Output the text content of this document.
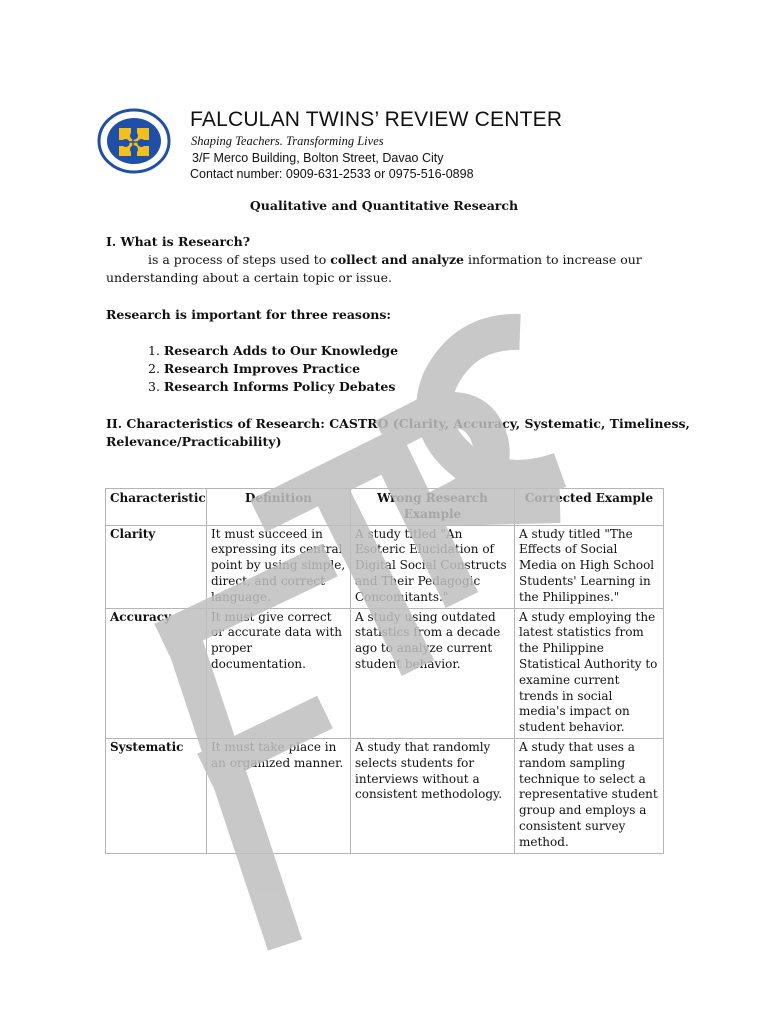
FALCULAN TWINS’ REVIEW CENTER
Shaping Teachers. Transforming Lives
3/F Merco Building, Bolton Street, Davao City
Contact number: 0909-631-2533 or 0975-516-0898
Qualitative and Quantitative Research
I. What is Research?
is a process of steps used to collect and analyze information to increase our
understanding about a certain topic or issue.
Research is important for three reasons:
1. Research Adds to Our Knowledge
2. Research Improves Practice
3. Research Informs Policy Debates
II. Characteristics of Research: CASTRO (Clarity, Accuracy, Systematic, Timeliness,
Relevance/Practicability)
Characteristic	Definition	Wrong Research Example	Corrected Example
Clarity	It must succeed in expressing its central point by using simple, direct, and correct language.	A study titled "An Esoteric Elucidation of Digital Social Constructs and Their Pedagogic Concomitants."	A study titled "The Effects of Social Media on High School Students' Learning in the Philippines."
Accuracy	It must give correct or accurate data with proper documentation.	A study using outdated statistics from a decade ago to analyze current student behavior.	A study employing the latest statistics from the Philippine Statistical Authority to examine current trends in social media's impact on student behavior.
Systematic	It must take place in an organized manner.	A study that randomly selects students for interviews without a consistent methodology.	A study that uses a random sampling technique to select a representative student group and employs a consistent survey method.
